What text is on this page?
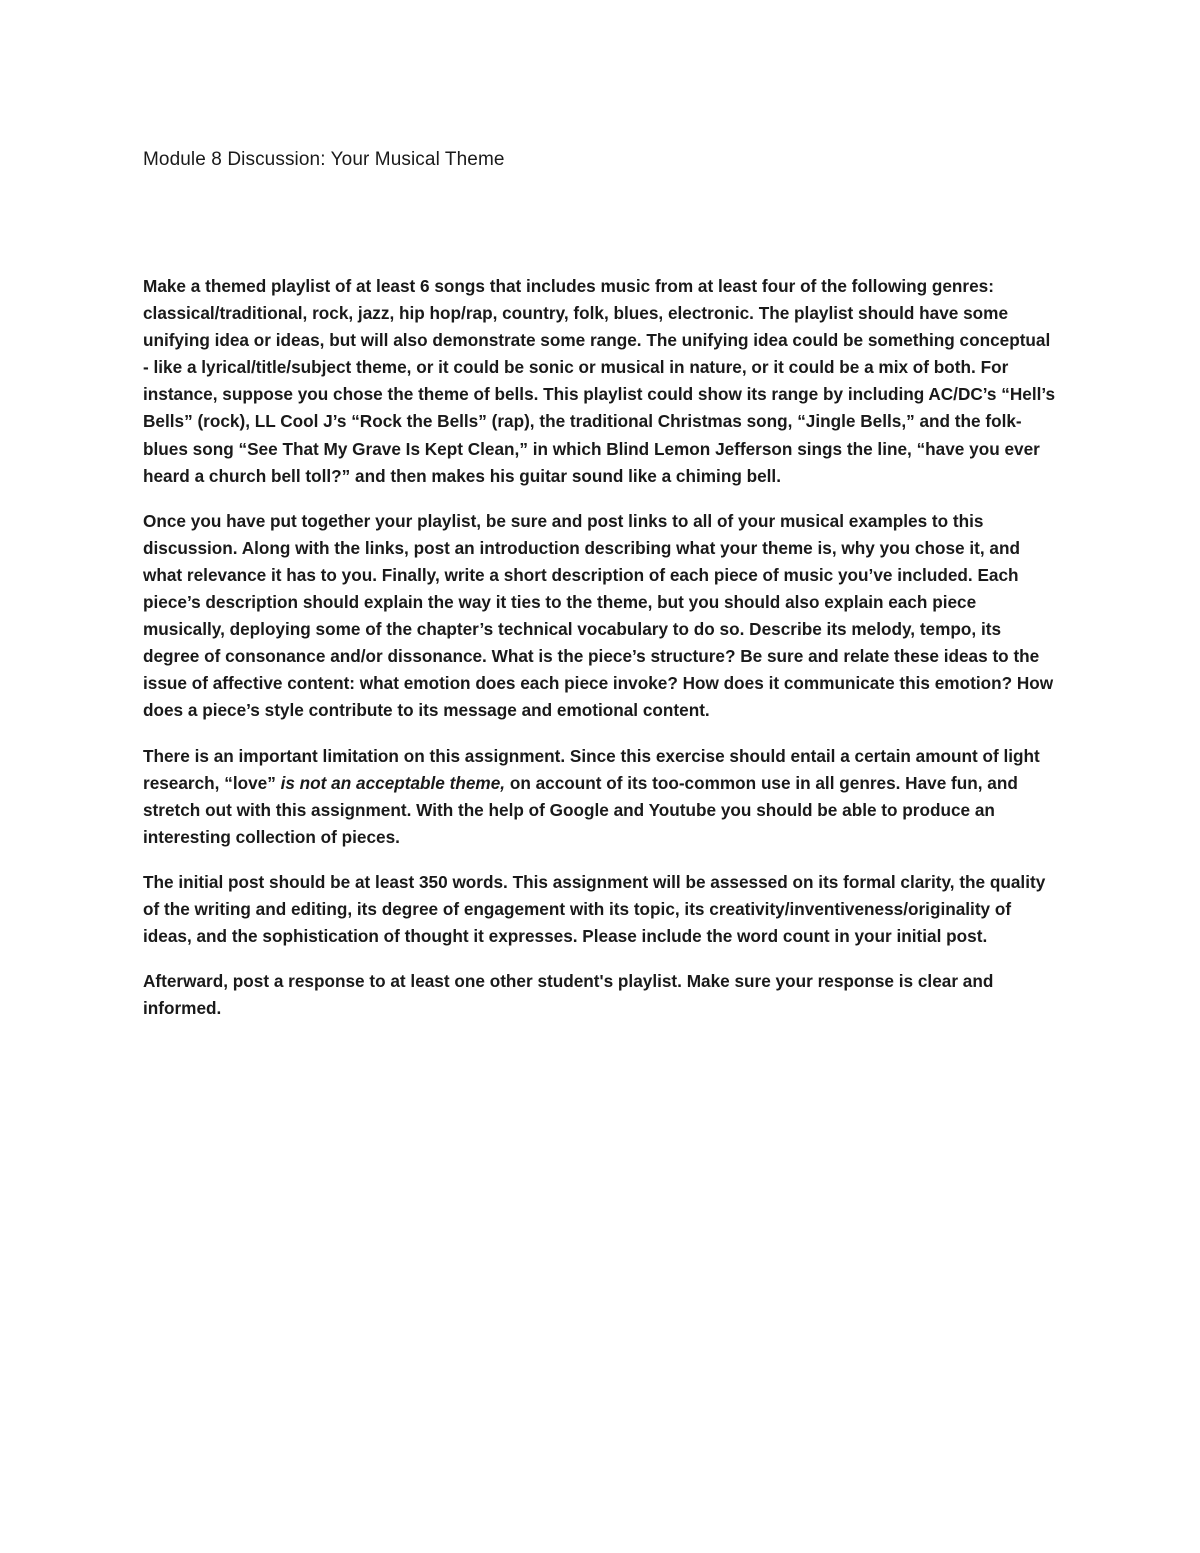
Module 8 Discussion: Your Musical Theme

Make a themed playlist of at least 6 songs that includes music from at least four of the following genres: classical/traditional, rock, jazz, hip hop/rap, country, folk, blues, electronic. The playlist should have some unifying idea or ideas, but will also demonstrate some range. The unifying idea could be something conceptual - like a lyrical/title/subject theme, or it could be sonic or musical in nature, or it could be a mix of both. For instance, suppose you chose the theme of bells. This playlist could show its range by including AC/DC’s “Hell’s Bells” (rock), LL Cool J’s “Rock the Bells” (rap), the traditional Christmas song, “Jingle Bells,” and the folk-blues song “See That My Grave Is Kept Clean,” in which Blind Lemon Jefferson sings the line, “have you ever heard a church bell toll?” and then makes his guitar sound like a chiming bell.

Once you have put together your playlist, be sure and post links to all of your musical examples to this discussion. Along with the links, post an introduction describing what your theme is, why you chose it, and what relevance it has to you. Finally, write a short description of each piece of music you’ve included. Each piece’s description should explain the way it ties to the theme, but you should also explain each piece musically, deploying some of the chapter’s technical vocabulary to do so. Describe its melody, tempo, its degree of consonance and/or dissonance. What is the piece’s structure? Be sure and relate these ideas to the issue of affective content: what emotion does each piece invoke? How does it communicate this emotion? How does a piece’s style contribute to its message and emotional content.

There is an important limitation on this assignment. Since this exercise should entail a certain amount of light research, “love” is not an acceptable theme, on account of its too-common use in all genres. Have fun, and stretch out with this assignment. With the help of Google and Youtube you should be able to produce an interesting collection of pieces.

The initial post should be at least 350 words. This assignment will be assessed on its formal clarity, the quality of the writing and editing, its degree of engagement with its topic, its creativity/inventiveness/originality of ideas, and the sophistication of thought it expresses. Please include the word count in your initial post.

Afterward, post a response to at least one other student's playlist. Make sure your response is clear and informed.
